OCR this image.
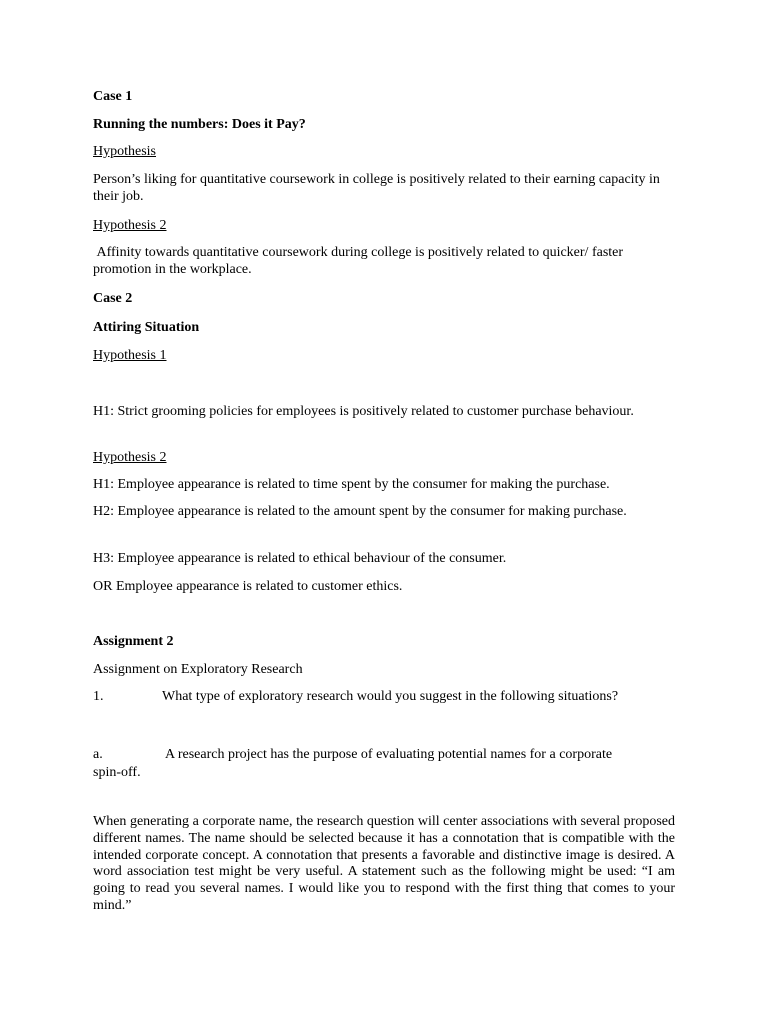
Case 1
Running the numbers: Does it Pay?
Hypothesis
Person’s liking for quantitative coursework in college is positively related to their earning capacity in their job.
Hypothesis 2
Affinity towards quantitative coursework during college is positively related to quicker/ faster promotion in the workplace.
Case 2
Attiring Situation
Hypothesis 1
H1: Strict grooming policies for employees is positively related to customer purchase behaviour.
Hypothesis 2
H1: Employee appearance is related to time spent by the consumer for making the purchase.
H2: Employee appearance is related to the amount spent by the consumer for making purchase.
H3: Employee appearance is related to ethical behaviour of the consumer.
OR Employee appearance is related to customer ethics.
Assignment 2
Assignment on Exploratory Research
1.	What type of exploratory research would you suggest in the following situations?
a.	A research project has the purpose of evaluating potential names for a corporate
spin-off.
When generating a corporate name, the research question will center associations with several proposed different names. The name should be selected because it has a connotation that is compatible with the intended corporate concept. A connotation that presents a favorable and distinctive image is desired. A word association test might be very useful. A statement such as the following might be used: “I am going to read you several names. I would like you to respond with the first thing that comes to your mind.”
